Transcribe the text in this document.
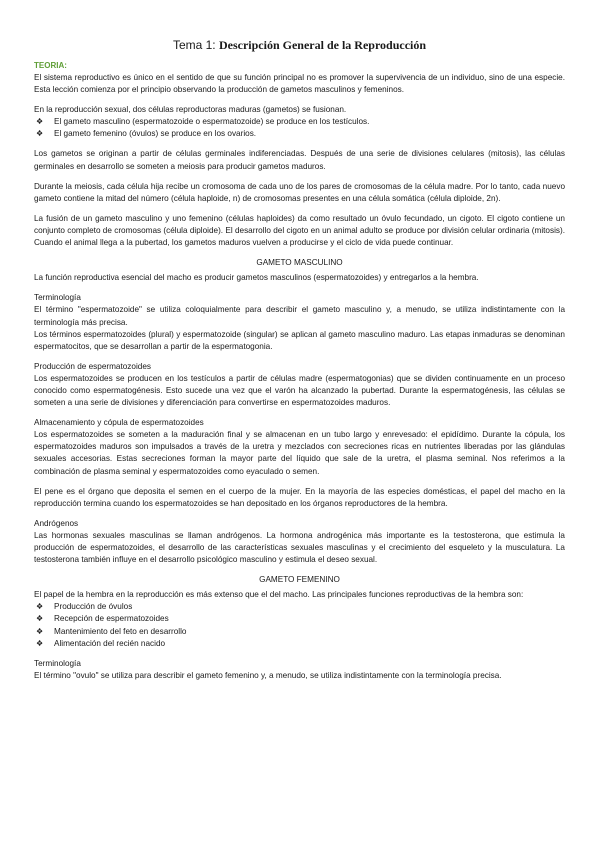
Tema 1: Descripción General de la Reproducción
TEORIA:

El sistema reproductivo es único en el sentido de que su función principal no es promover la supervivencia de un individuo, sino de una especie. Esta lección comienza por el principio observando la producción de gametos masculinos y femeninos.

En la reproducción sexual, dos células reproductoras maduras (gametos) se fusionan.

❖ El gameto masculino (espermatozoide o espermatozoide) se produce en los testículos.
❖ El gameto femenino (óvulos) se produce en los ovarios.

Los gametos se originan a partir de células germinales indiferenciadas. Después de una serie de divisiones celulares (mitosis), las células germinales en desarrollo se someten a meiosis para producir gametos maduros.

Durante la meiosis, cada célula hija recibe un cromosoma de cada uno de los pares de cromosomas de la célula madre. Por lo tanto, cada nuevo gameto contiene la mitad del número (célula haploide, n) de cromosomas presentes en una célula somática (célula diploide, 2n).

La fusión de un gameto masculino y uno femenino (células haploides) da como resultado un óvulo fecundado, un cigoto. El cigoto contiene un conjunto completo de cromosomas (célula diploide). El desarrollo del cigoto en un animal adulto se produce por división celular ordinaria (mitosis). Cuando el animal llega a la pubertad, los gametos maduros vuelven a producirse y el ciclo de vida puede continuar.

GAMETO MASCULINO

La función reproductiva esencial del macho es producir gametos masculinos (espermatozoides) y entregarlos a la hembra.

Terminología

El término "espermatozoide" se utiliza coloquialmente para describir el gameto masculino y, a menudo, se utiliza indistintamente con la terminología más precisa.

Los términos espermatozoides (plural) y espermatozoide (singular) se aplican al gameto masculino maduro. Las etapas inmaduras se denominan espermatocitos, que se desarrollan a partir de la espermatogonia.

Producción de espermatozoides

Los espermatozoides se producen en los testículos a partir de células madre (espermatogonias) que se dividen continuamente en un proceso conocido como espermatogénesis. Esto sucede una vez que el varón ha alcanzado la pubertad. Durante la espermatogénesis, las células se someten a una serie de divisiones y diferenciación para convertirse en espermatozoides maduros.

Almacenamiento y cópula de espermatozoides

Los espermatozoides se someten a la maduración final y se almacenan en un tubo largo y enrevesado: el epidídimo. Durante la cópula, los espermatozoides maduros son impulsados a través de la uretra y mezclados con secreciones ricas en nutrientes liberadas por las glándulas sexuales accesorias. Estas secreciones forman la mayor parte del líquido que sale de la uretra, el plasma seminal. Nos referimos a la combinación de plasma seminal y espermatozoides como eyaculado o semen.

El pene es el órgano que deposita el semen en el cuerpo de la mujer. En la mayoría de las especies domésticas, el papel del macho en la reproducción termina cuando los espermatozoides se han depositado en los órganos reproductores de la hembra.

Andrógenos

Las hormonas sexuales masculinas se llaman andrógenos. La hormona androgénica más importante es la testosterona, que estimula la producción de espermatozoides, el desarrollo de las características sexuales masculinas y el crecimiento del esqueleto y la musculatura. La testosterona también influye en el desarrollo psicológico masculino y estimula el deseo sexual.

GAMETO FEMENINO

El papel de la hembra en la reproducción es más extenso que el del macho. Las principales funciones reproductivas de la hembra son:

❖ Producción de óvulos
❖ Recepción de espermatozoides
❖ Mantenimiento del feto en desarrollo
❖ Alimentación del recién nacido
Terminología

El término "ovulo" se utiliza para describir el gameto femenino y, a menudo, se utiliza indistintamente con la terminología precisa.
